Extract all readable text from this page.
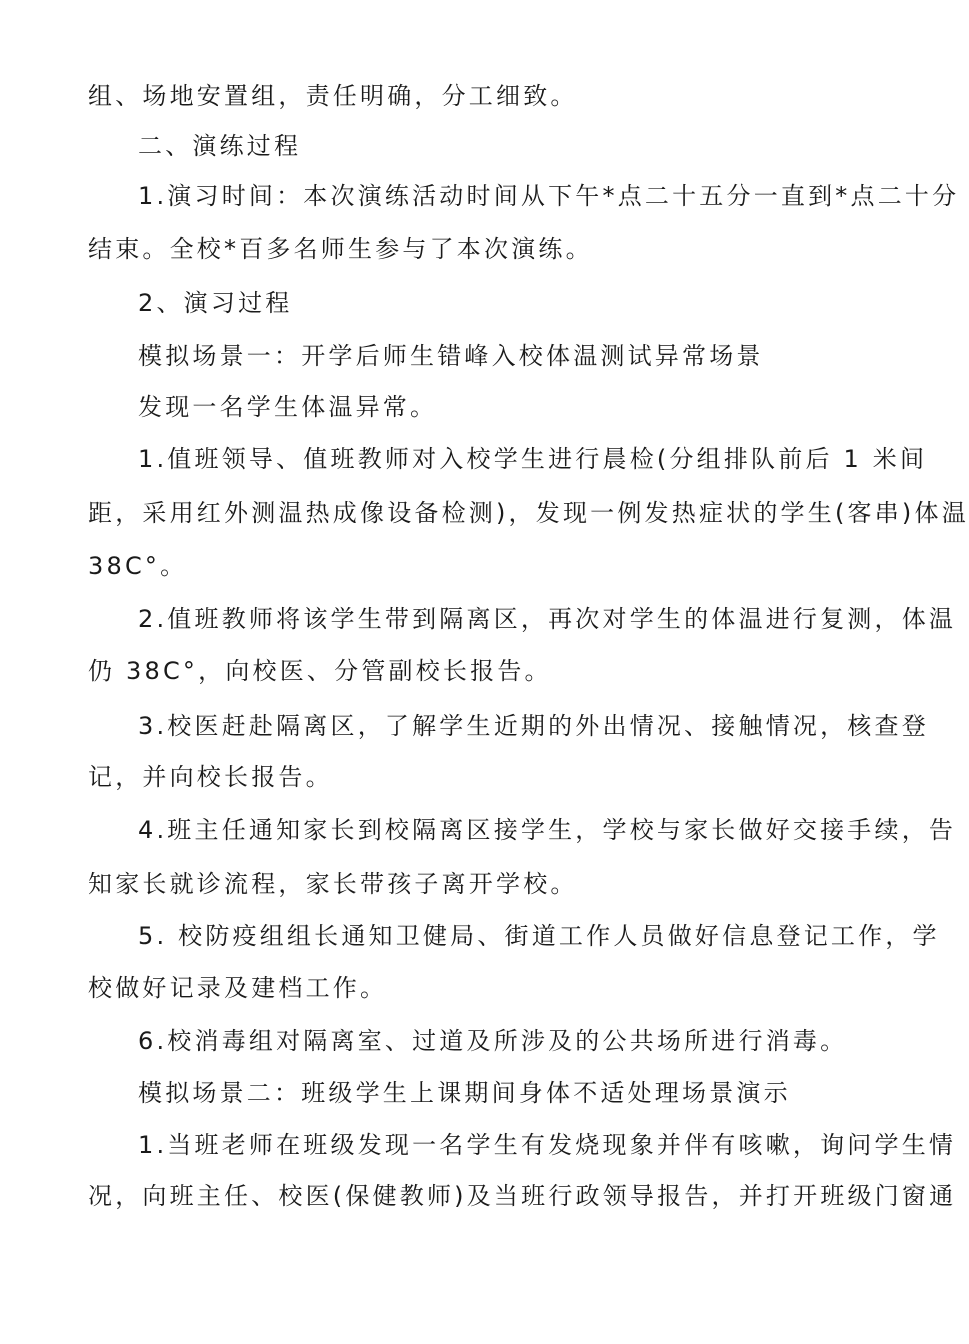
组、场地安置组，责任明确，分工细致。
二、演练过程
1.演习时间：本次演练活动时间从下午*点二十五分一直到*点二十分
结束。全校*百多名师生参与了本次演练。
2、演习过程
模拟场景一：开学后师生错峰入校体温测试异常场景
发现一名学生体温异常。
1.值班领导、值班教师对入校学生进行晨检(分组排队前后 1 米间
距，采用红外测温热成像设备检测)，发现一例发热症状的学生(客串)体温
38C°。
2.值班教师将该学生带到隔离区，再次对学生的体温进行复测，体温
仍 38C°，向校医、分管副校长报告。
3.校医赶赴隔离区，了解学生近期的外出情况、接触情况，核查登
记，并向校长报告。
4.班主任通知家长到校隔离区接学生，学校与家长做好交接手续，告
知家长就诊流程，家长带孩子离开学校。
5. 校防疫组组长通知卫健局、街道工作人员做好信息登记工作，学
校做好记录及建档工作。
6.校消毒组对隔离室、过道及所涉及的公共场所进行消毒。
模拟场景二：班级学生上课期间身体不适处理场景演示
1.当班老师在班级发现一名学生有发烧现象并伴有咳嗽，询问学生情
况，向班主任、校医(保健教师)及当班行政领导报告，并打开班级门窗通
